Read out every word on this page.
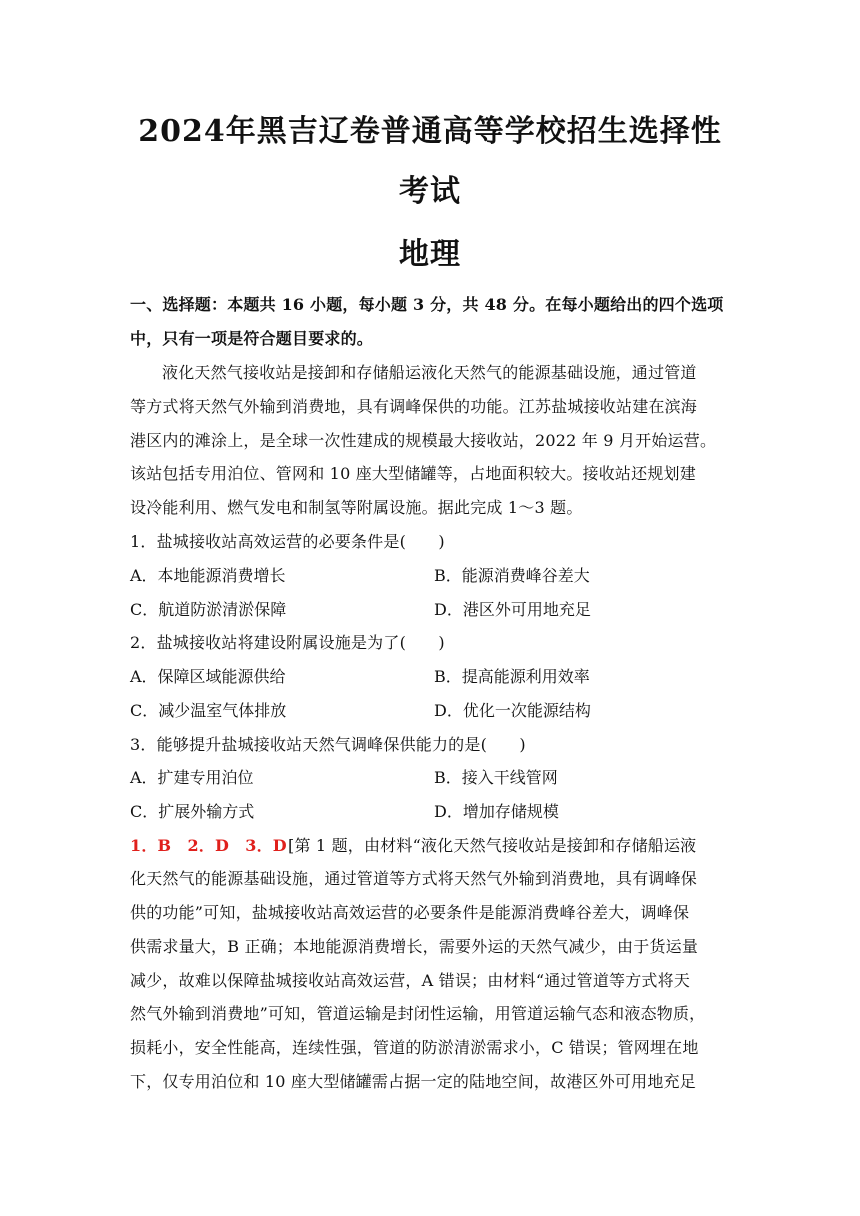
2024年黑吉辽卷普通高等学校招生选择性
考试
地理
一、选择题：本题共 16 小题，每小题 3 分，共 48 分。在每小题给出的四个选项
中，只有一项是符合题目要求的。
液化天然气接收站是接卸和存储船运液化天然气的能源基础设施，通过管道
等方式将天然气外输到消费地，具有调峰保供的功能。江苏盐城接收站建在滨海
港区内的滩涂上，是全球一次性建成的规模最大接收站，2022 年 9 月开始运营。
该站包括专用泊位、管网和 10 座大型储罐等，占地面积较大。接收站还规划建
设冷能利用、燃气发电和制氢等附属设施。据此完成 1～3 题。
1．盐城接收站高效运营的必要条件是(　　)
A．本地能源消费增长	B．能源消费峰谷差大
C．航道防淤清淤保障	D．港区外可用地充足
2．盐城接收站将建设附属设施是为了(　　)
A．保障区域能源供给	B．提高能源利用效率
C．减少温室气体排放	D．优化一次能源结构
3．能够提升盐城接收站天然气调峰保供能力的是(　　)
A．扩建专用泊位	B．接入干线管网
C．扩展外输方式	D．增加存储规模
1．B　2．D　3．D [第 1 题，由材料“液化天然气接收站是接卸和存储船运液
化天然气的能源基础设施，通过管道等方式将天然气外输到消费地，具有调峰保
供的功能”可知，盐城接收站高效运营的必要条件是能源消费峰谷差大，调峰保
供需求量大，B 正确；本地能源消费增长，需要外运的天然气减少，由于货运量
减少，故难以保障盐城接收站高效运营，A 错误；由材料“通过管道等方式将天
然气外输到消费地”可知，管道运输是封闭性运输，用管道运输气态和液态物质，
损耗小，安全性能高，连续性强，管道的防淤清淤需求小，C 错误；管网埋在地
下，仅专用泊位和 10 座大型储罐需占据一定的陆地空间，故港区外可用地充足
